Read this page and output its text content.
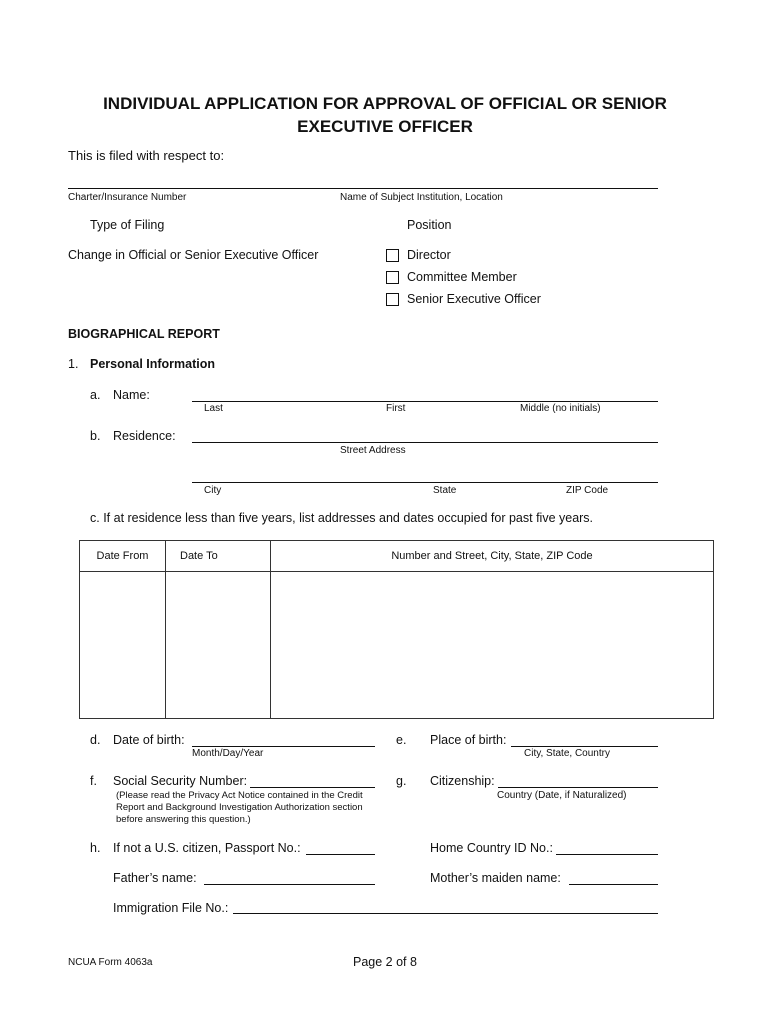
INDIVIDUAL APPLICATION FOR APPROVAL OF OFFICIAL OR SENIOR
EXECUTIVE OFFICER
This is filed with respect to:
Charter/Insurance Number	Name of Subject Institution, Location
Type of Filing	Position
Change in Official or Senior Executive Officer	Director
Committee Member
Senior Executive Officer
BIOGRAPHICAL REPORT
1. Personal Information
a. Name:
Last	First	Middle (no initials)
b. Residence:
Street Address
City	State	ZIP Code
c. If at residence less than five years, list addresses and dates occupied for past five years.
Date From	Date To	Number and Street, City, State, ZIP Code

d. Date of birth:
Month/Day/Year
e. Place of birth:
City, State, Country
f. Social Security Number:
(Please read the Privacy Act Notice contained in the Credit
Report and Background Investigation Authorization section
before answering this question.)
g. Citizenship:
Country (Date, if Naturalized)
h. If not a U.S. citizen, Passport No.:	Home Country ID No.:
Father’s name:	Mother’s maiden name:
Immigration File No.:
NCUA Form 4063a	Page 2 of 8
